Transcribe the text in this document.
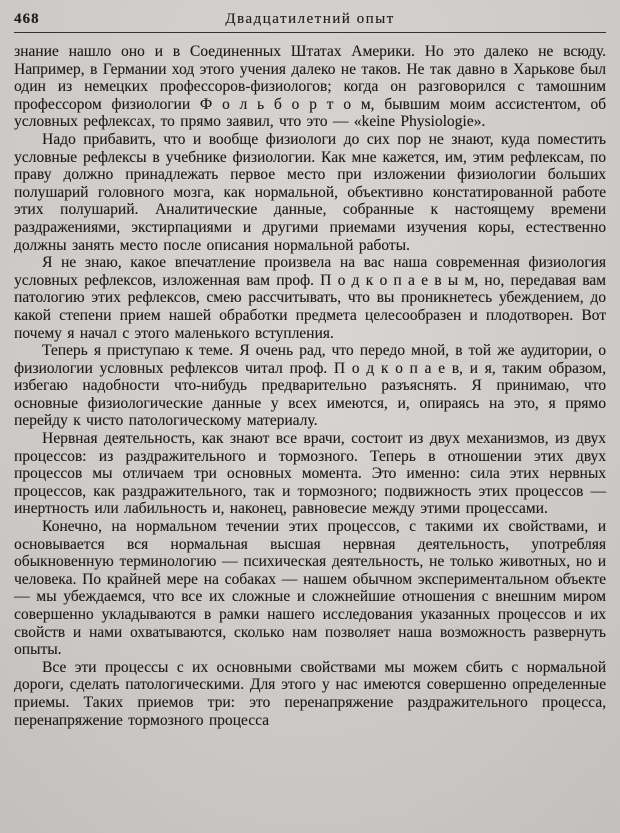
468	Двадцатилетний опыт

знание нашло оно и в Соединенных Штатах Америки. Но это далеко не всюду. Например, в Германии ход этого учения далеко не таков. Не так давно в Харькове был один из немецких профессоров-физиологов; когда он разговорился с тамошним профессором физиологии Ф о л ь б о р т о м, бывшим моим ассистентом, об условных рефлексах, то прямо заявил, что это — «keine Physiologie».

Надо прибавить, что и вообще физиологи до сих пор не знают, куда поместить условные рефлексы в учебнике физиологии. Как мне кажется, им, этим рефлексам, по праву должно принадлежать первое место при изложении физиологии больших полушарий головного мозга, как нормальной, объективно констатированной работе этих полушарий. Аналитические данные, собранные к настоящему времени раздражениями, экстирпациями и другими приемами изучения коры, естественно должны занять место после описания нормальной работы.

Я не знаю, какое впечатление произвела на вас наша современная физиология условных рефлексов, изложенная вам проф. П о д к о п а е в ы м, но, передавая вам патологию этих рефлексов, смею рассчитывать, что вы проникнетесь убеждением, до какой степени прием нашей обработки предмета целесообразен и плодотворен. Вот почему я начал с этого маленького вступления.

Теперь я приступаю к теме. Я очень рад, что передо мной, в той же аудитории, о физиологии условных рефлексов читал проф. П о д к о п а е в, и я, таким образом, избегаю надобности что-нибудь предварительно разъяснять. Я принимаю, что основные физиологические данные у всех имеются, и, опираясь на это, я прямо перейду к чисто патологическому материалу.

Нервная деятельность, как знают все врачи, состоит из двух механизмов, из двух процессов: из раздражительного и тормозного. Теперь в отношении этих двух процессов мы отличаем три основных момента. Это именно: сила этих нервных процессов, как раздражительного, так и тормозного; подвижность этих процессов — инертность или лабильность и, наконец, равновесие между этими процессами.

Конечно, на нормальном течении этих процессов, с такими их свойствами, и основывается вся нормальная высшая нервная деятельность, употребляя обыкновенную терминологию — психическая деятельность, не только животных, но и человека. По крайней мере на собаках — нашем обычном экспериментальном объекте — мы убеждаемся, что все их сложные и сложнейшие отношения с внешним миром совершенно укладываются в рамки нашего исследования указанных процессов и их свойств и нами охватываются, сколько нам позволяет наша возможность развернуть опыты.

Все эти процессы с их основными свойствами мы можем сбить с нормальной дороги, сделать патологическими. Для этого у нас имеются совершенно определенные приемы. Таких приемов три: это перенапряжение раздражительного процесса, перенапряжение тормозного процесса
